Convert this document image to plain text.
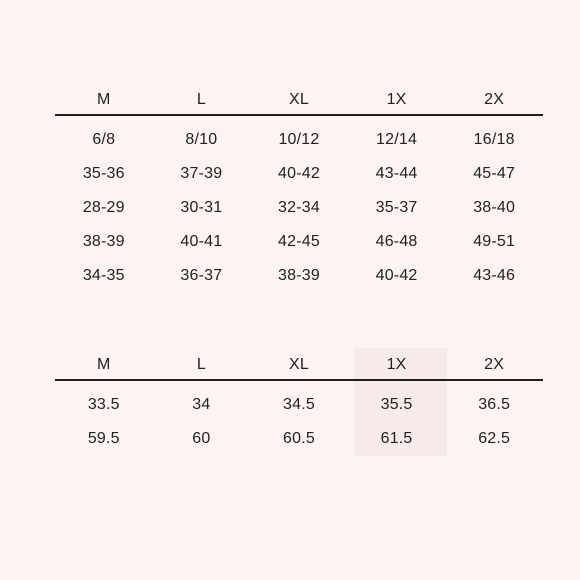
M	L	XL	1X	2X
6/8	8/10	10/12	12/14	16/18
35-36	37-39	40-42	43-44	45-47
28-29	30-31	32-34	35-37	38-40
38-39	40-41	42-45	46-48	49-51
34-35	36-37	38-39	40-42	43-46
M	L	XL	1X	2X
33.5	34	34.5	35.5	36.5
59.5	60	60.5	61.5	62.5
